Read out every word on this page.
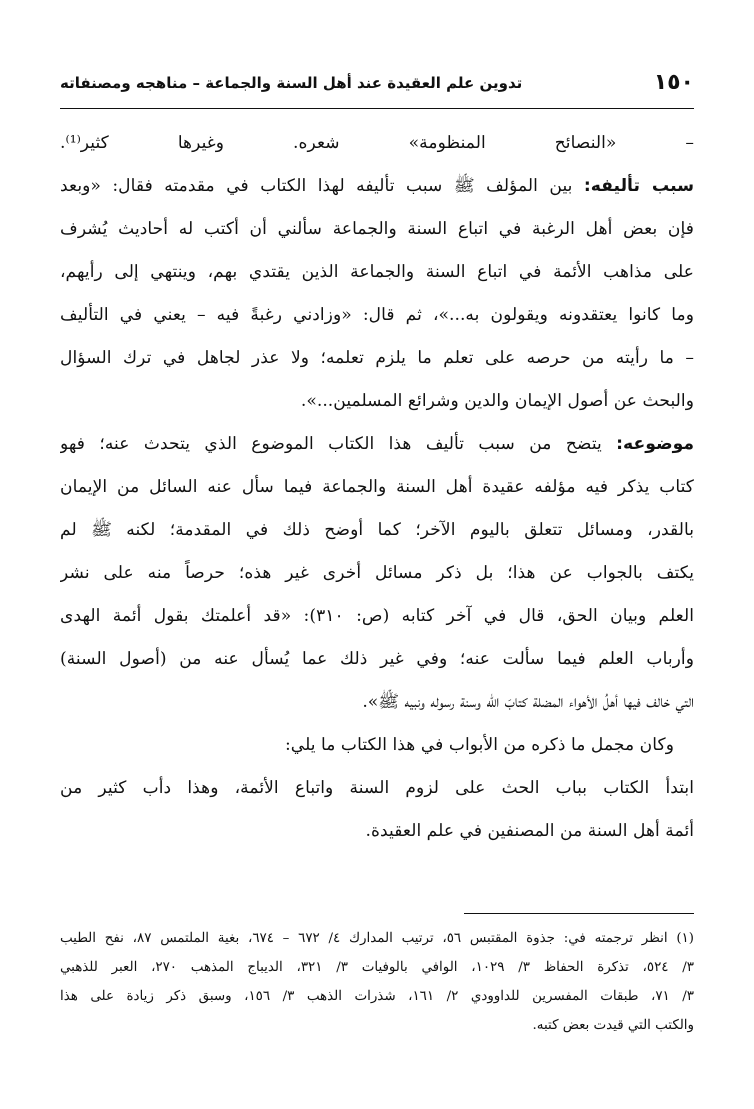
١٥٠
تدوين علم العقيدة عند أهل السنة والجماعة – مناهجه ومصنفاته
– «النصائح المنظومة» شعره. وغيرها كثير⁽¹⁾.
سبب تأليفه: بين المؤلف ﷺ سبب تأليفه لهذا الكتاب في مقدمته فقال: «وبعد
فإن بعض أهل الرغبة في اتباع السنة والجماعة سألني أن أكتب له أحاديث يُشرف
على مذاهب الأئمة في اتباع السنة والجماعة الذين يقتدي بهم، وينتهي إلى رأيهم،
وما كانوا يعتقدونه ويقولون به...»، ثم قال: «وزادني رغبةً فيه – يعني في التأليف
– ما رأيته من حرصه على تعلم ما يلزم تعلمه؛ ولا عذر لجاهل في ترك السؤال
والبحث عن أصول الإيمان والدين وشرائع المسلمين...».
موضوعه: يتضح من سبب تأليف هذا الكتاب الموضوع الذي يتحدث عنه؛ فهو
كتاب يذكر فيه مؤلفه عقيدة أهل السنة والجماعة فيما سأل عنه السائل من الإيمان
بالقدر، ومسائل تتعلق باليوم الآخر؛ كما أوضح ذلك في المقدمة؛ لكنه ﷺ لم
يكتف بالجواب عن هذا؛ بل ذكر مسائل أخرى غير هذه؛ حرصاً منه على نشر
العلم وبيان الحق، قال في آخر كتابه (ص: ٣١٠): «قد أعلمتك بقول أئمة الهدى
وأرباب العلم فيما سألت عنه؛ وفي غير ذلك عما يُسأل عنه من (أصول السنة)
التي خالف فيها أهلُ الأهواء المضلة كتابَ الله وسنة رسوله ونبيه ﷺ».
وكان مجمل ما ذكره من الأبواب في هذا الكتاب ما يلي:
ابتدأ الكتاب بباب الحث على لزوم السنة واتباع الأئمة، وهذا دأب كثير من
أئمة أهل السنة من المصنفين في علم العقيدة.
(١) انظر ترجمته في: جذوة المقتبس ٥٦، ترتيب المدارك ٤/ ٦٧٢ – ٦٧٤، بغية الملتمس ٨٧، نفح الطيب
٣/ ٥٢٤، تذكرة الحفاظ ٣/ ١٠٢٩، الوافي بالوفيات ٣/ ٣٢١، الديباج المذهب ٢٧٠، العبر للذهبي
٣/ ٧١، طبقات المفسرين للداوودي ٢/ ١٦١، شذرات الذهب ٣/ ١٥٦، وسبق ذكر زيادة على هذا
والكتب التي قيدت بعض كتبه.
